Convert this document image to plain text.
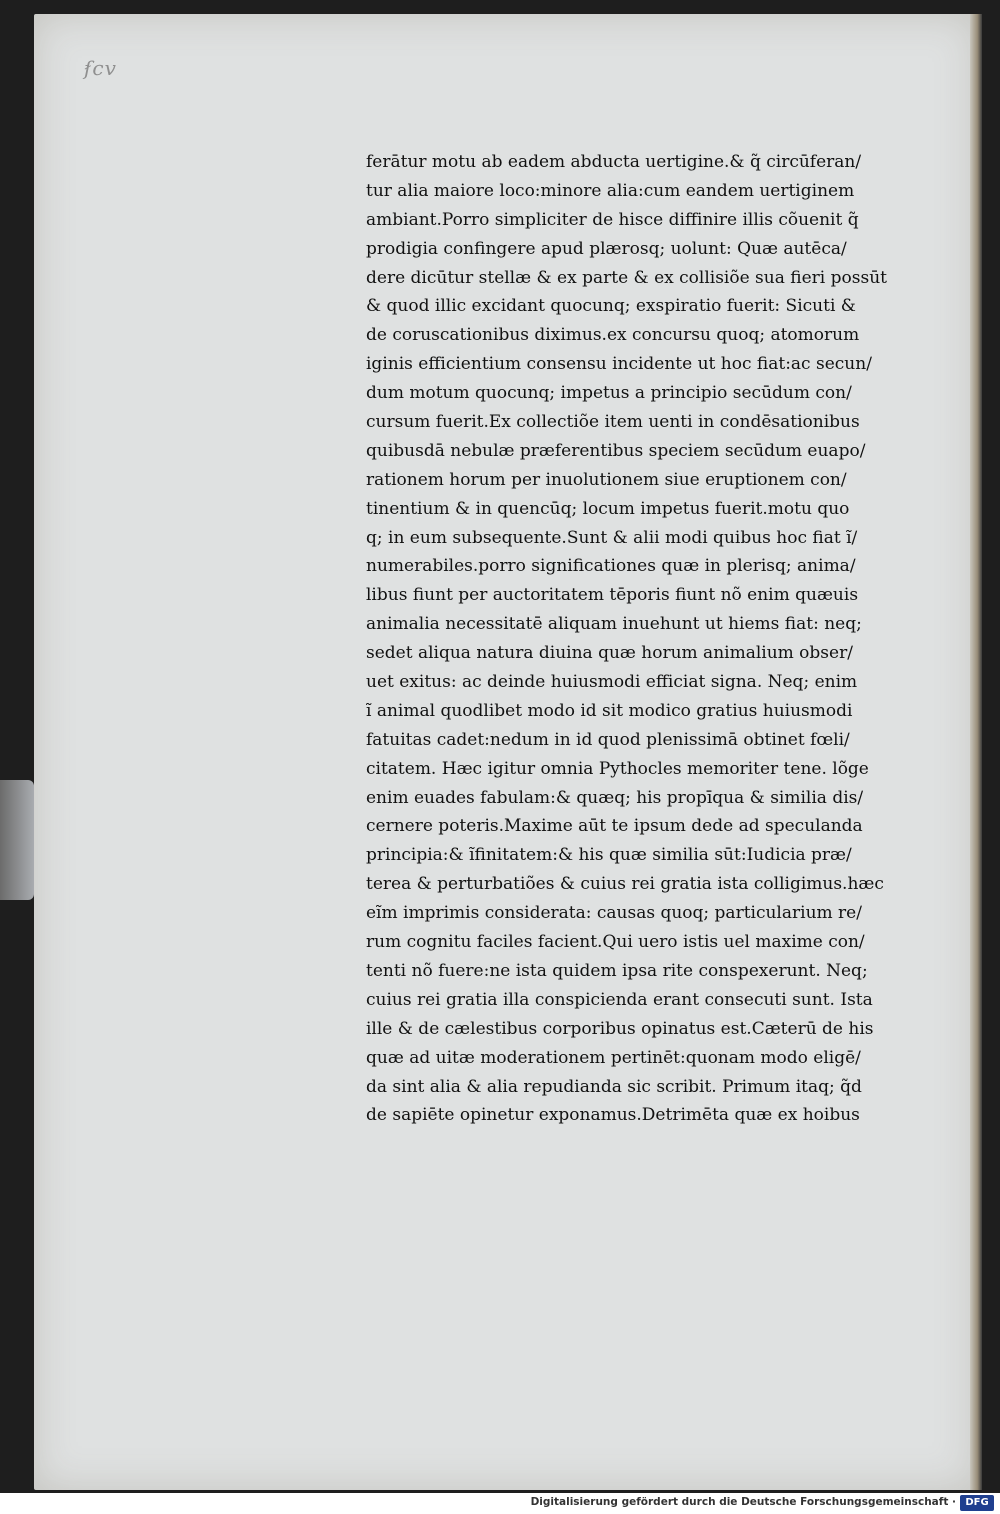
ẜcv
ferātur motu ab eadem abducta uertigine.& q̃ circūferan∕
tur alia maiore loco:minore alia:cum eandem uertiginem
ambiant.Porro simpliciter de hisce diffinire illis cõuenit q̃
prodigia confingere apud plærosq; uolunt: Quæ autēca∕
dere dicūtur stellæ & ex parte & ex collisiõe sua fieri possūt
& quod illic excidant quocunq; exspiratio fuerit: Sicuti &
de coruscationibus diximus.ex concursu quoq; atomorum
iginis efficientium consensu incidente ut hoc fiat:ac secun∕
dum motum quocunq; impetus a principio secūdum con∕
cursum fuerit.Ex collectiõe item uenti in condēsationibus
quibusdā nebulæ præferentibus speciem secūdum euapo∕
rationem horum per inuolutionem siue eruptionem con∕
tinentium & in quencūq; locum impetus fuerit.motu quo
q; in eum subsequente.Sunt & alii modi quibus hoc fiat ĩ∕
numerabiles.porro significationes quæ in plerisq; anima∕
libus fiunt per auctoritatem tēporis fiunt nõ enim quæuis
animalia necessitatē aliquam inuehunt ut hiems fiat: neq;
sedet aliqua natura diuina quæ horum animalium obser∕
uet exitus: ac deinde huiusmodi efficiat signa. Neq; enim
ĩ animal quodlibet modo id sit modico gratius huiusmodi
fatuitas cadet:nedum in id quod plenissimā obtinet fœli∕
citatem. Hæc igitur omnia Pythocles memoriter tene. lõge
enim euades fabulam:& quæq; his propīqua & similia dis∕
cernere poteris.Maxime aūt te ipsum dede ad speculanda
principia:& ĩfinitatem:& his quæ similia sūt:Iudicia præ∕
terea & perturbatiões & cuius rei gratia ista colligimus.hæc
eĩm imprimis considerata: causas quoq; particularium re∕
rum cognitu faciles facient.Qui uero istis uel maxime con∕
tenti nõ fuere:ne ista quidem ipsa rite conspexerunt. Neq;
cuius rei gratia illa conspicienda erant consecuti sunt. Ista
ille & de cælestibus corporibus opinatus est.Cæterū de his
quæ ad uitæ moderationem pertinēt:quonam modo eligē∕
da sint alia & alia repudianda sic scribit. Primum itaq; q̃d
de sapiēte opinetur exponamus.Detrimēta quæ ex hoibus
Digitalisierung gefördert durch die Deutsche Forschungsgemeinschaft · DFG
